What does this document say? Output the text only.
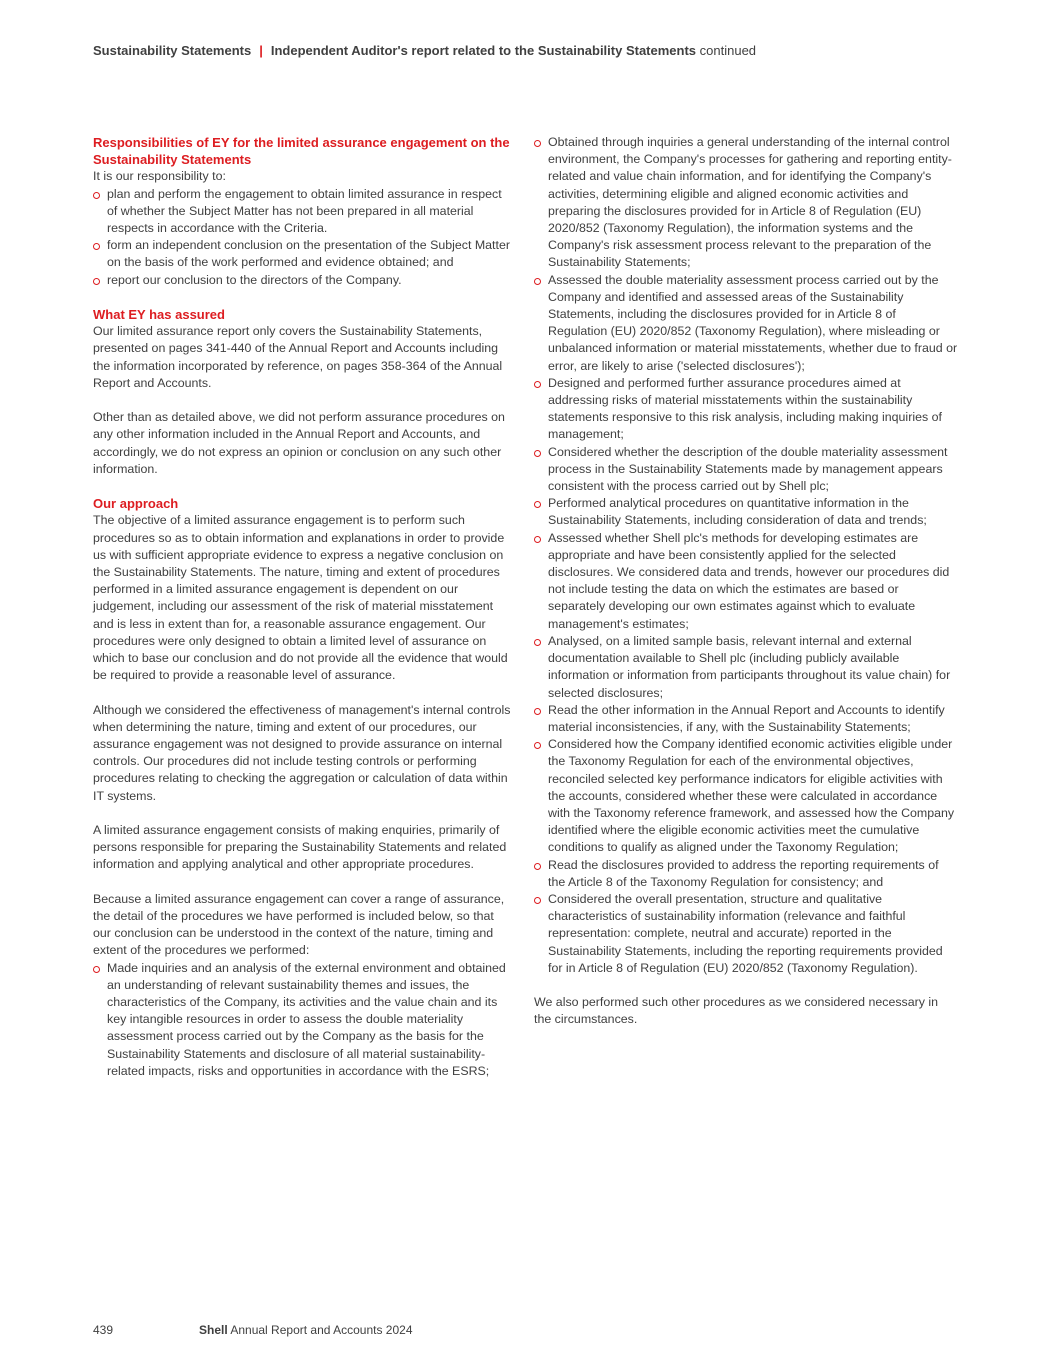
Sustainability Statements | Independent Auditor's report related to the Sustainability Statements continued
Responsibilities of EY for the limited assurance engagement on the Sustainability Statements

It is our responsibility to:

plan and perform the engagement to obtain limited assurance in respect of whether the Subject Matter has not been prepared in all material respects in accordance with the Criteria.
form an independent conclusion on the presentation of the Subject Matter on the basis of the work performed and evidence obtained; and
report our conclusion to the directors of the Company.
What EY has assured

Our limited assurance report only covers the Sustainability Statements, presented on pages 341-440 of the Annual Report and Accounts including the information incorporated by reference, on pages 358-364 of the Annual Report and Accounts.

Other than as detailed above, we did not perform assurance procedures on any other information included in the Annual Report and Accounts, and accordingly, we do not express an opinion or conclusion on any such other information.

Our approach

The objective of a limited assurance engagement is to perform such procedures so as to obtain information and explanations in order to provide us with sufficient appropriate evidence to express a negative conclusion on the Sustainability Statements. The nature, timing and extent of procedures performed in a limited assurance engagement is dependent on our judgement, including our assessment of the risk of material misstatement and is less in extent than for, a reasonable assurance engagement. Our procedures were only designed to obtain a limited level of assurance on which to base our conclusion and do not provide all the evidence that would be required to provide a reasonable level of assurance.

Although we considered the effectiveness of management's internal controls when determining the nature, timing and extent of our procedures, our assurance engagement was not designed to provide assurance on internal controls. Our procedures did not include testing controls or performing procedures relating to checking the aggregation or calculation of data within IT systems.

A limited assurance engagement consists of making enquiries, primarily of persons responsible for preparing the Sustainability Statements and related information and applying analytical and other appropriate procedures.

Because a limited assurance engagement can cover a range of assurance, the detail of the procedures we have performed is included below, so that our conclusion can be understood in the context of the nature, timing and extent of the procedures we performed:

Made inquiries and an analysis of the external environment and obtained an understanding of relevant sustainability themes and issues, the characteristics of the Company, its activities and the value chain and its key intangible resources in order to assess the double materiality assessment process carried out by the Company as the basis for the Sustainability Statements and disclosure of all material sustainability-related impacts, risks and opportunities in accordance with the ESRS;
Obtained through inquiries a general understanding of the internal control environment, the Company's processes for gathering and reporting entity-related and value chain information, and for identifying the Company's activities, determining eligible and aligned economic activities and preparing the disclosures provided for in Article 8 of Regulation (EU) 2020/852 (Taxonomy Regulation), the information systems and the Company's risk assessment process relevant to the preparation of the Sustainability Statements;
Assessed the double materiality assessment process carried out by the Company and identified and assessed areas of the Sustainability Statements, including the disclosures provided for in Article 8 of Regulation (EU) 2020/852 (Taxonomy Regulation), where misleading or unbalanced information or material misstatements, whether due to fraud or error, are likely to arise ('selected disclosures');
Designed and performed further assurance procedures aimed at addressing risks of material misstatements within the sustainability statements responsive to this risk analysis, including making inquiries of management;
Considered whether the description of the double materiality assessment process in the Sustainability Statements made by management appears consistent with the process carried out by Shell plc;
Performed analytical procedures on quantitative information in the Sustainability Statements, including consideration of data and trends;
Assessed whether Shell plc's methods for developing estimates are appropriate and have been consistently applied for the selected disclosures. We considered data and trends, however our procedures did not include testing the data on which the estimates are based or separately developing our own estimates against which to evaluate management's estimates;
Analysed, on a limited sample basis, relevant internal and external documentation available to Shell plc (including publicly available information or information from participants throughout its value chain) for selected disclosures;
Read the other information in the Annual Report and Accounts to identify material inconsistencies, if any, with the Sustainability Statements;
Considered how the Company identified economic activities eligible under the Taxonomy Regulation for each of the environmental objectives, reconciled selected key performance indicators for eligible activities with the accounts, considered whether these were calculated in accordance with the Taxonomy reference framework, and assessed how the Company identified where the eligible economic activities meet the cumulative conditions to qualify as aligned under the Taxonomy Regulation;
Read the disclosures provided to address the reporting requirements of the Article 8 of the Taxonomy Regulation for consistency; and
Considered the overall presentation, structure and qualitative characteristics of sustainability information (relevance and faithful representation: complete, neutral and accurate) reported in the Sustainability Statements, including the reporting requirements provided for in Article 8 of Regulation (EU) 2020/852 (Taxonomy Regulation).

We also performed such other procedures as we considered necessary in the circumstances.

439	Shell Annual Report and Accounts 2024
